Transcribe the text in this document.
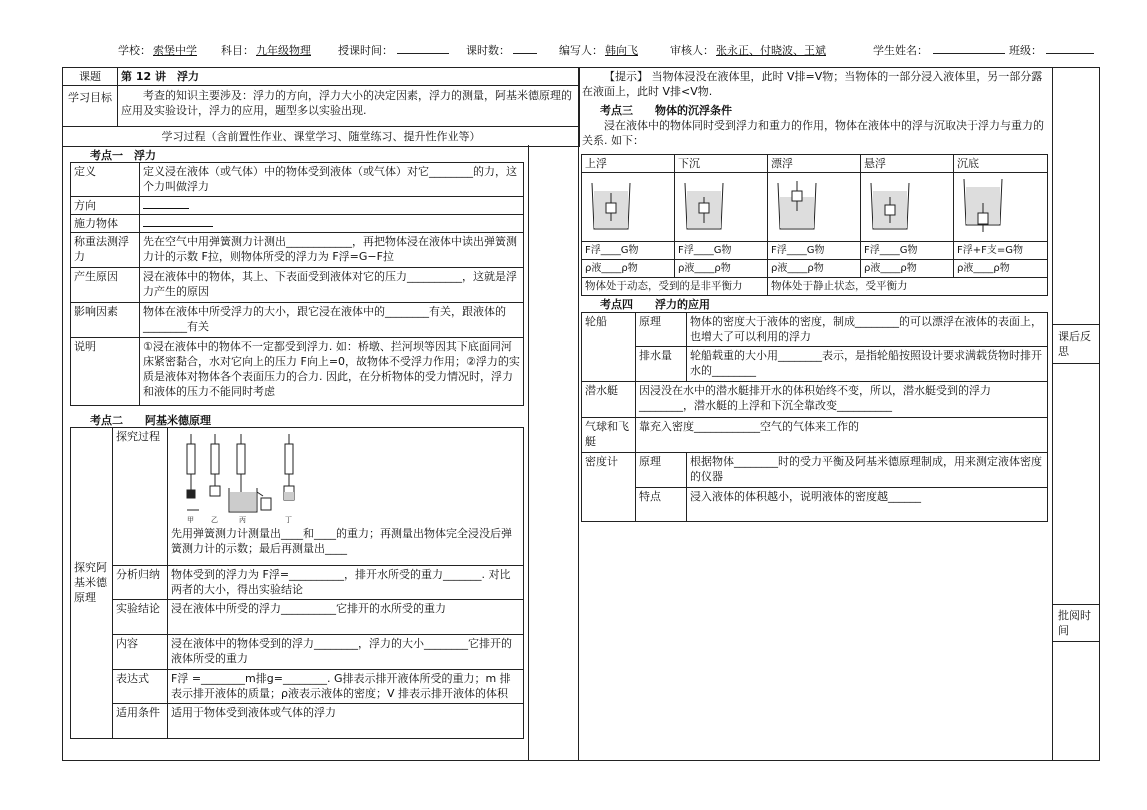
学校： 索堡中学 科目： 九年级物理 授课时间：	课时数：	编写人： 韩向飞	审核人： 张永正、付晓波、王斌	学生姓名：	班级：
课题	第 12 讲　浮力
学习目标	考查的知识主要涉及：浮力的方向，浮力大小的决定因素，浮力的测量，阿基米德原理的应用及实验设计，浮力的应用，题型多以实验出现.
学习过程（含前置性作业、课堂学习、随堂练习、提升性作业等）	
考点一　浮力
定义	定义浸在液体（或气体）中的物体受到液体（或气体）对它________的力，这个力叫做浮力
方向	
施力物体	
称重法测浮力	先在空气中用弹簧测力计测出____________，再把物体浸在液体中读出弹簧测力计的示数 F拉，则物体所受的浮力为 F浮=G−F拉
产生原因	浸在液体中的物体，其上、下表面受到液体对它的压力__________，这就是浮力产生的原因
影响因素	物体在液体中所受浮力的大小，跟它浸在液体中的________有关，跟液体的________有关
说明	①浸在液体中的物体不一定都受到浮力. 如：桥墩、拦河坝等因其下底面同河床紧密黏合，水对它向上的压力 F向上=0，故物体不受浮力作用；②浮力的实质是液体对物体各个表面压力的合力. 因此，在分析物体的受力情况时，浮力和液体的压力不能同时考虑
考点二　　阿基米德原理
探究阿基米德原理	探究过程	甲 乙 丙 丁
先用弹簧测力计测量出____和____的重力；再测量出物体完全浸没后弹簧测力计的示数；最后再测量出____

	分析归纳	物体受到的浮力为 F浮=__________，排开水所受的重力_______. 对比两者的大小，得出实验结论
	实验结论	浸在液体中所受的浮力__________它排开的水所受的重力
	内容	浸在液体中的物体受到的浮力________，浮力的大小________它排开的液体所受的重力
	表达式	F浮 =________m排g=________. G排表示排开液体所受的重力；m 排表示排开液体的质量；ρ液表示液体的密度；V 排表示排开液体的体积
	适用条件	适用于物体受到液体或气体的浮力
【提示】 当物体浸没在液体里，此时 V排=V物；当物体的一部分浸入液体里，另一部分露在液面上，此时 V排<V物.
考点三　　物体的沉浮条件
浸在液体中的物体同时受到浮力和重力的作用，物体在液体中的浮与沉取决于浮力与重力的关系. 如下：
上浮	下沉	漂浮	悬浮	沉底

F浮____G物	F浮____G物	F浮____G物	F浮____G物	F浮+F支=G物
ρ液____ρ物	ρ液____ρ物	ρ液____ρ物	ρ液____ρ物	ρ液____ρ物
物体处于动态，受到的是非平衡力		物体处于静止状态，受平衡力		
考点四　　浮力的应用
轮船	原理	物体的密度大于液体的密度，制成________的可以漂浮在液体的表面上，也增大了可以利用的浮力
	排水量	轮船载重的大小用________表示，是指轮船按照设计要求满载货物时排开水的________
潜水艇	因浸没在水中的潜水艇排开水的体积始终不变，所以，潜水艇受到的浮力________，潜水艇的上浮和下沉全靠改变__________	
气球和飞艇	靠充入密度____________空气的气体来工作的	
密度计	原理	根据物体________时的受力平衡及阿基米德原理制成，用来测定液体密度的仪器
	特点	浸入液体的体积越小，说明液体的密度越______
课后反思
批阅时间
